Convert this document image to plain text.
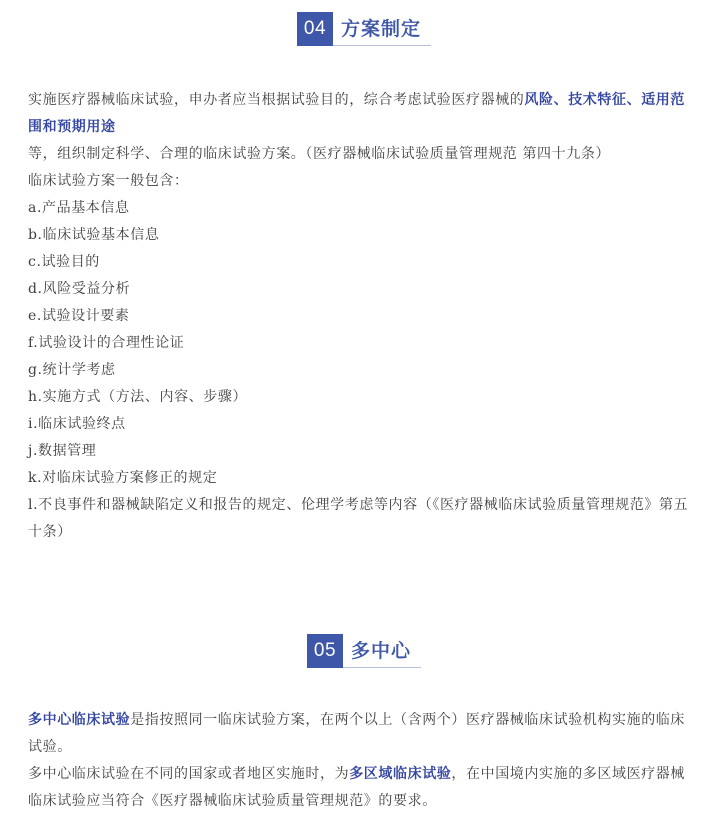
04 方案制定

实施医疗器械临床试验，申办者应当根据试验目的，综合考虑试验医疗器械的风险、技术特征、适用范围和预期用途等，组织制定科学、合理的临床试验方案。（医疗器械临床试验质量管理规范 第四十九条）

临床试验方案一般包含：
a.产品基本信息
b.临床试验基本信息
c.试验目的
d.风险受益分析
e.试验设计要素
f.试验设计的合理性论证
g.统计学考虑
h.实施方式（方法、内容、步骤）
i.临床试验终点
j.数据管理
k.对临床试验方案修正的规定
l.不良事件和器械缺陷定义和报告的规定、伦理学考虑等内容（《医疗器械临床试验质量管理规范》第五十条）
05 多中心

多中心临床试验是指按照同一临床试验方案，在两个以上（含两个）医疗器械临床试验机构实施的临床试验。

多中心临床试验在不同的国家或者地区实施时，为多区域临床试验，在中国境内实施的多区域医疗器械临床试验应当符合《医疗器械临床试验质量管理规范》的要求。
